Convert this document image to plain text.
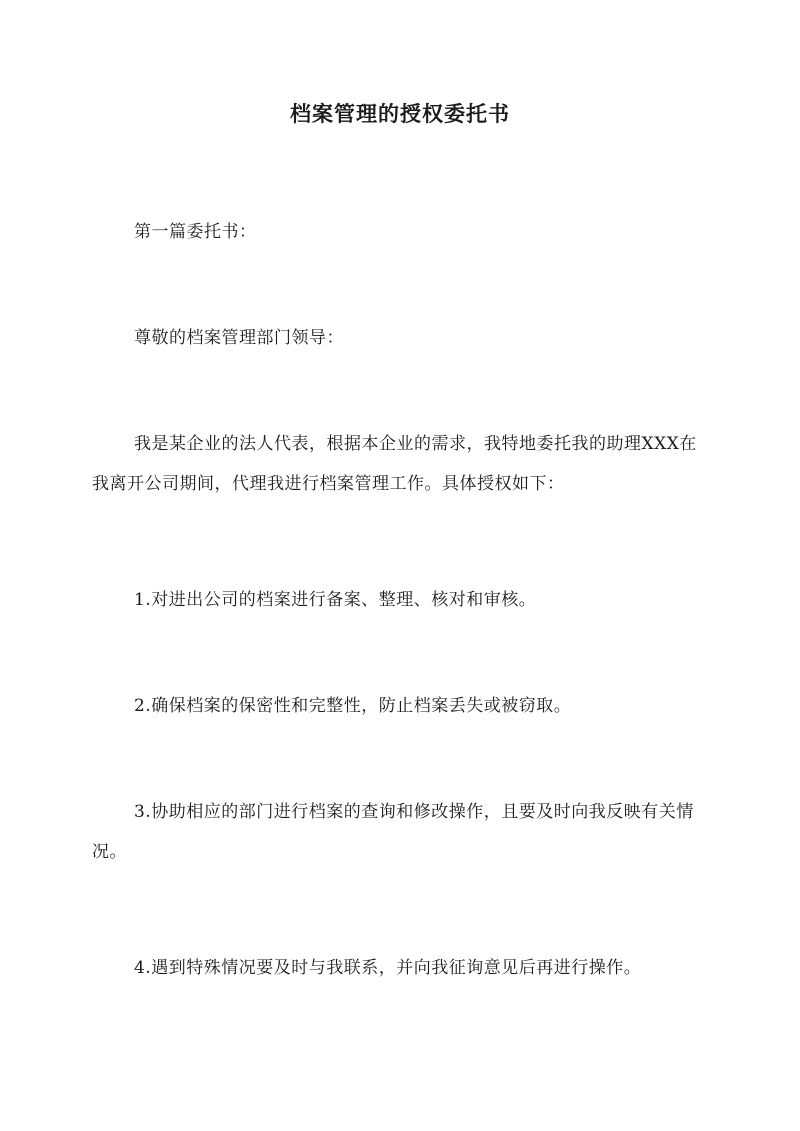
档案管理的授权委托书

第一篇委托书：

尊敬的档案管理部门领导：

我是某企业的法人代表，根据本企业的需求，我特地委托我的助理XXX在我离开公司期间，代理我进行档案管理工作。具体授权如下：

1.对进出公司的档案进行备案、整理、核对和审核。

2.确保档案的保密性和完整性，防止档案丢失或被窃取。

3.协助相应的部门进行档案的查询和修改操作，且要及时向我反映有关情况。

4.遇到特殊情况要及时与我联系，并向我征询意见后再进行操作。
